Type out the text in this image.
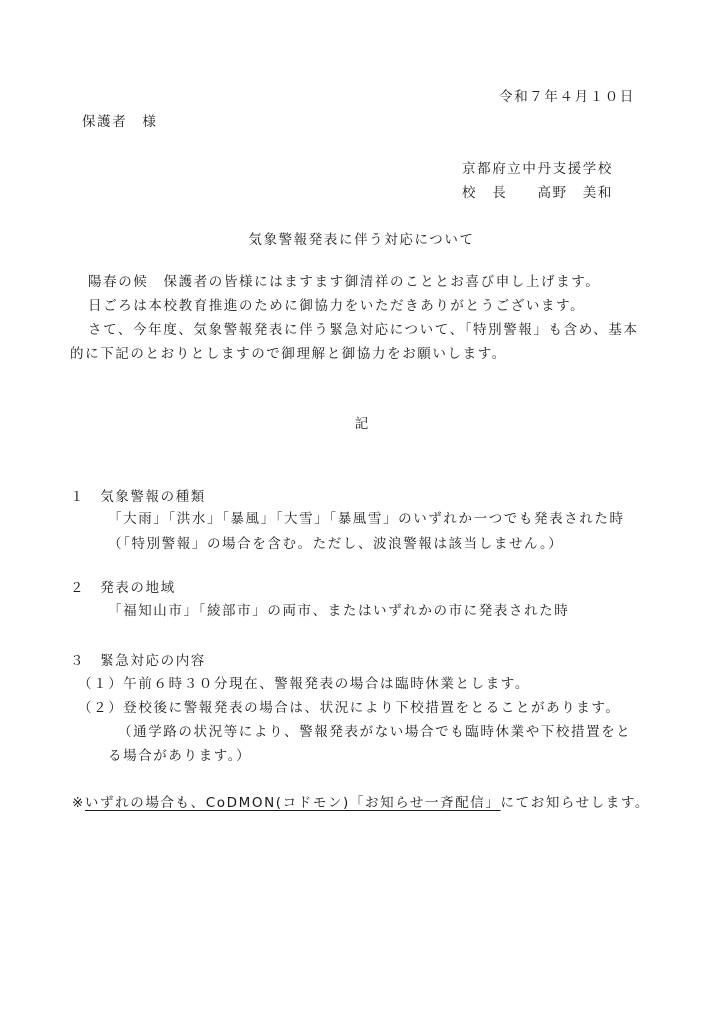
令和７年４月１０日
保護者　様
京都府立中丹支援学校
校　長　　高野　美和
気象警報発表に伴う対応について
陽春の候　保護者の皆様にはますます御清祥のこととお喜び申し上げます。
日ごろは本校教育推進のために御協力をいただきありがとうございます。
さて、今年度、気象警報発表に伴う緊急対応について、「特別警報」も含め、基本
的に下記のとおりとしますので御理解と御協力をお願いします。
記
１　気象警報の種類
「大雨」「洪水」「暴風」「大雪」「暴風雪」のいずれか一つでも発表された時
（「特別警報」の場合を含む。ただし、波浪警報は該当しません。）
２　発表の地域
「福知山市」「綾部市」の両市、またはいずれかの市に発表された時
３　緊急対応の内容
（１）午前６時３０分現在、警報発表の場合は臨時休業とします。
（２）登校後に警報発表の場合は、状況により下校措置をとることがあります。
（通学路の状況等により、警報発表がない場合でも臨時休業や下校措置をと
る場合があります。）
※いずれの場合も、CoDMON(コドモン)「お知らせ一斉配信」にてお知らせします。
